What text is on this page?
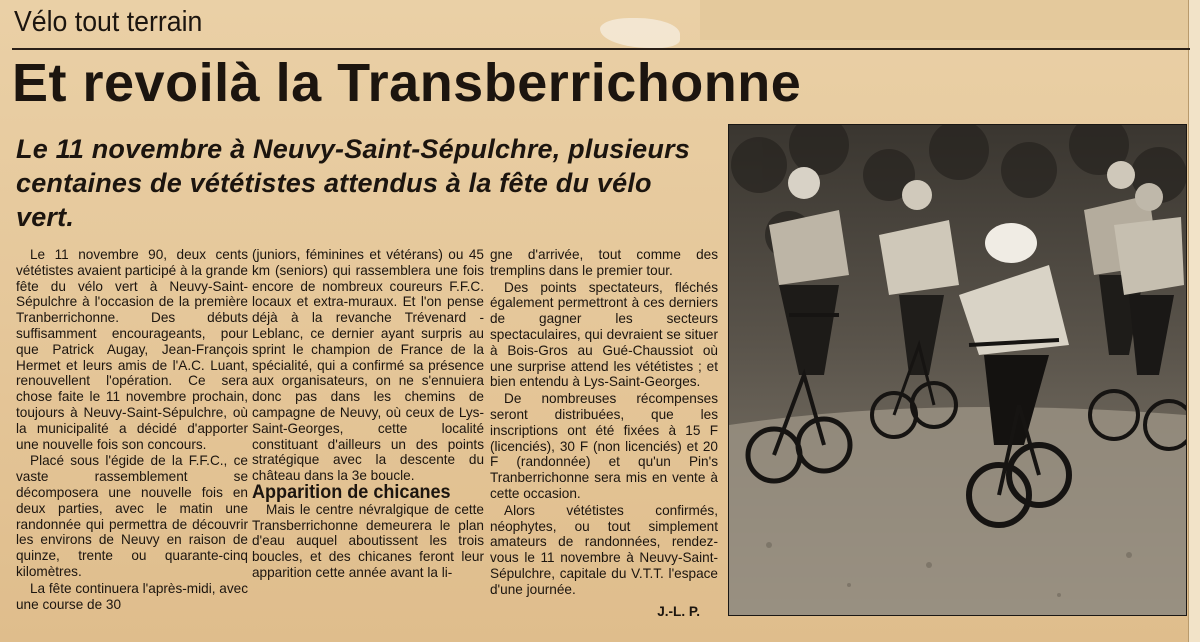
Vélo tout terrain
Et revoilà la Transberrichonne
Le 11 novembre à Neuvy-Saint-Sépulchre, plusieurs centaines de vététistes attendus à la fête du vélo vert.

Le 11 novembre 90, deux cents vététistes avaient participé à la grande fête du vélo vert à Neuvy-Saint-Sépulchre à l'occasion de la première Tranberrichonne. Des débuts suffisamment encourageants, pour que Patrick Augay, Jean-François Hermet et leurs amis de l'A.C. Luant, renouvellent l'opération. Ce sera chose faite le 11 novembre prochain, toujours à Neuvy-Saint-Sépulchre, où la municipalité a décidé d'apporter une nouvelle fois son concours.

Placé sous l'égide de la F.F.C., ce vaste rassemblement se décomposera une nouvelle fois en deux parties, avec le matin une randonnée qui permettra de découvrir les environs de Neuvy en raison de quinze, trente ou quarante-cinq kilomètres.

La fête continuera l'après-midi, avec une course de 30

(juniors, féminines et vétérans) ou 45 km (seniors) qui rassemblera une fois encore de nombreux coureurs F.F.C. locaux et extra-muraux. Et l'on pense déjà à la revanche Trévenard - Leblanc, ce dernier ayant surpris au sprint le champion de France de la spécialité, qui a confirmé sa présence aux organisateurs, on ne s'ennuiera donc pas dans les chemins de campagne de Neuvy, où ceux de Lys-Saint-Georges, cette localité constituant d'ailleurs un des points stratégique avec la descente du château dans la 3e boucle.

Apparition de chicanes

Mais le centre névralgique de cette Transberrichonne demeurera le plan d'eau auquel aboutissent les trois boucles, et des chicanes feront leur apparition cette année avant la li-

gne d'arrivée, tout comme des tremplins dans le premier tour.

Des points spectateurs, fléchés également permettront à ces derniers de gagner les secteurs spectaculaires, qui devraient se situer à Bois-Gros au Gué-Chaussiot où une surprise attend les vététistes ; et bien entendu à Lys-Saint-Georges.

De nombreuses récompenses seront distribuées, que les inscriptions ont été fixées à 15 F (licenciés), 30 F (non licenciés) et 20 F (randonnée) et qu'un Pin's Tranberrichonne sera mis en vente à cette occasion.

Alors vététistes confirmés, néophytes, ou tout simplement amateurs de randonnées, rendez-vous le 11 novembre à Neuvy-Saint-Sépulchre, capitale du V.T.T. l'espace d'une journée.

J.-L. P.
